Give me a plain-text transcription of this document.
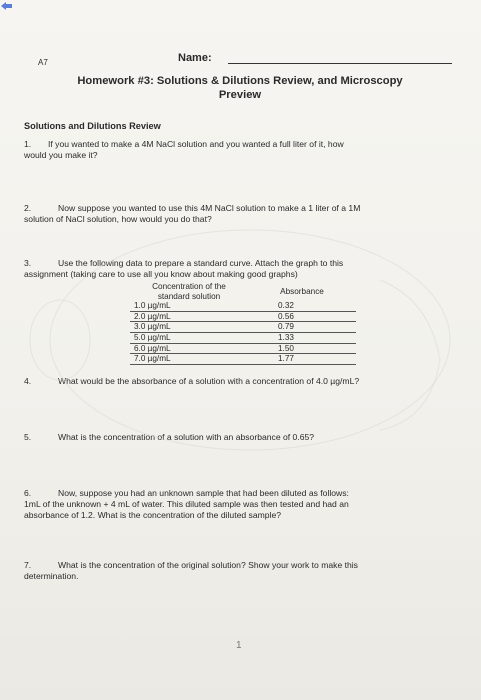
A7	Name:
Homework #3: Solutions & Dilutions Review, and Microscopy
Preview
Solutions and Dilutions Review
1. If you wanted to make a 4M NaCl solution and you wanted a full liter of it, how
would you make it?
2.	Now suppose you wanted to use this 4M NaCl solution to make a 1 liter of a 1M
solution of NaCl solution, how would you do that?
3.	Use the following data to prepare a standard curve. Attach the graph to this
assignment (taking care to use all you know about making good graphs)
Concentration of the	Absorbance
standard solution	
1.0 µg/mL	0.32
2.0 µg/mL	0.56
3.0 µg/mL	0.79
5.0 µg/mL	1.33
6.0 µg/mL	1.50
7.0 µg/mL	1.77
4.	What would be the absorbance of a solution with a concentration of 4.0 µg/mL?
5.	What is the concentration of a solution with an absorbance of 0.65?
6.	Now, suppose you had an unknown sample that had been diluted as follows:
1mL of the unknown + 4 mL of water. This diluted sample was then tested and had an
absorbance of 1.2. What is the concentration of the diluted sample?
7.	What is the concentration of the original solution? Show your work to make this
determination.
1
